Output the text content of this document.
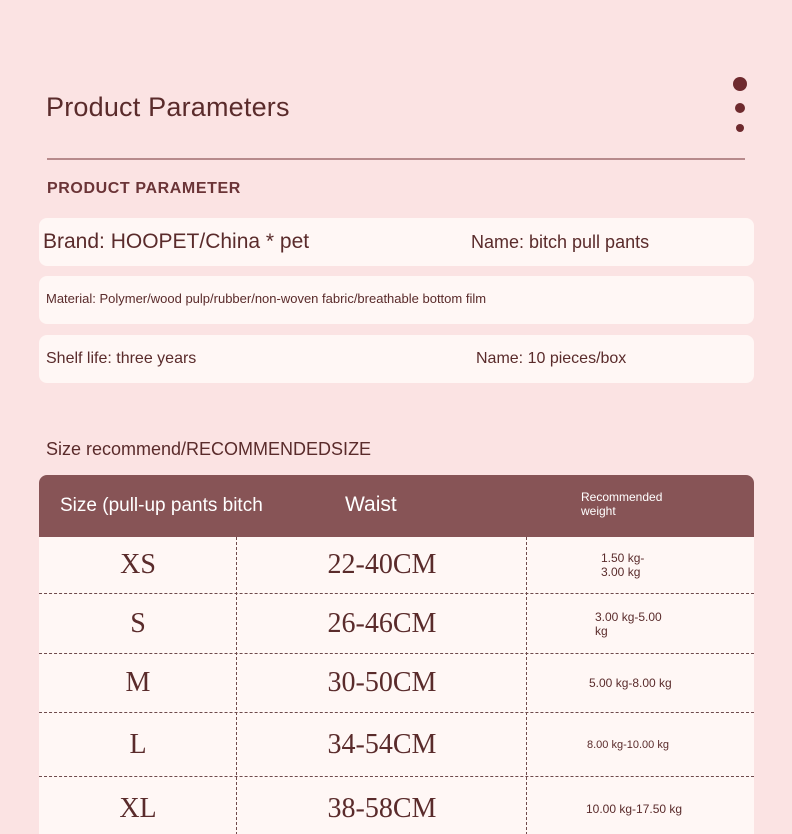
Product Parameters
PRODUCT PARAMETER
Brand: HOOPET/China * pet	Name: bitch pull pants
Material: Polymer/wood pulp/rubber/non-woven fabric/breathable bottom film
Shelf life: three years	Name: 10 pieces/box
Size recommend/RECOMMENDEDSIZE
Size (pull-up pants bitch	Waist	Recommended weight
XS	22-40CM	1.50 kg-3.00 kg
S	26-46CM	3.00 kg-5.00 kg
M	30-50CM	5.00 kg-8.00 kg
L	34-54CM	8.00 kg-10.00 kg
XL	38-58CM	10.00 kg-17.50 kg
